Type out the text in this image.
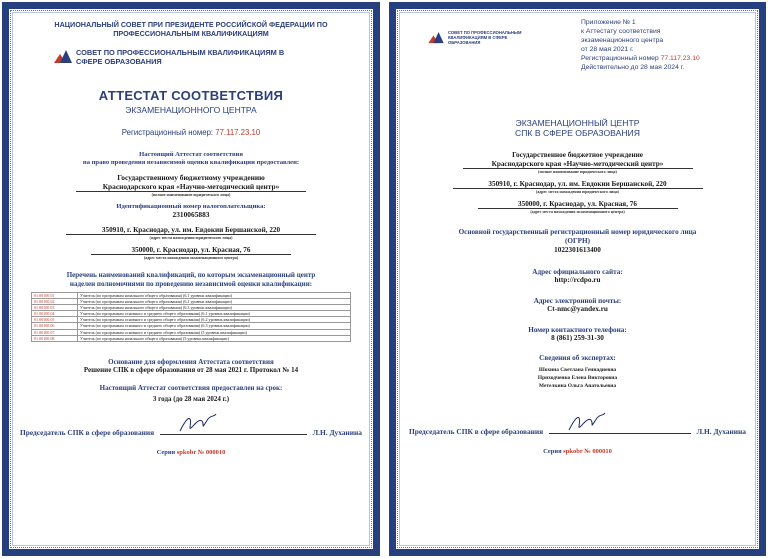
НАЦИОНАЛЬНЫЙ СОВЕТ ПРИ ПРЕЗИДЕНТЕ РОССИЙСКОЙ ФЕДЕРАЦИИ ПО ПРОФЕССИОНАЛЬНЫМ КВАЛИФИКАЦИЯМ
СОВЕТ ПО ПРОФЕССИОНАЛЬНЫМ КВАЛИФИКАЦИЯМ В СФЕРЕ ОБРАЗОВАНИЯ
АТТЕСТАТ СООТВЕТСТВИЯ
ЭКЗАМЕНАЦИОННОГО ЦЕНТРА
Регистрационный номер: 77.117.23.10
Настоящий Аттестат соответствия
на право проведения независимой оценки квалификации предоставлен:
Государственному бюджетному учреждению
Краснодарского края «Научно-методический центр»
(полное наименование юридического лица)
Идентификационный номер налогоплательщика:
2310065883
350910, г. Краснодар, ул. им. Евдокии Бершанской, 220
(адрес места нахождения юридического лица)
350000, г. Краснодар, ул. Красная, 76
(адрес места нахождения экзаменационного центра)
Перечень наименований квалификаций, по которым экзаменационный центр
наделен полномочиями по проведению независимой оценки квалификации:
01.00100.01	Учитель (по программам начального общего образования) (6.1 уровень квалификации)
01.00100.02	Учитель (по программам начального общего образования) (6.2 уровень квалификации)
01.00100.03	Учитель (по программам начального общего образования) (6.3 уровень квалификации)
01.00100.04	Учитель (по программам основного и среднего общего образования) (6.1 уровень квалификации)
01.00100.05	Учитель (по программам основного и среднего общего образования) (6.2 уровень квалификации)
01.00100.06	Учитель (по программам основного и среднего общего образования) (6.3 уровень квалификации)
01.00100.07	Учитель (по программам основного и среднего общего образования) (5 уровень квалификации)
01.00100.08	Учитель (по программам начального общего образования) (5 уровень квалификации)
Основание для оформления Аттестата соответствия
Решение СПК в сфере образования от 28 мая 2021 г. Протокол № 14
Настоящий Аттестат соответствия предоставлен на срок:
3 года (до 28 мая 2024 г.)
Председатель СПК в сфере образования	Л.Н. Духанина
Серия spkobr № 000010
СОВЕТ ПО ПРОФЕССИОНАЛЬНЫМ КВАЛИФИКАЦИЯМ В СФЕРЕ ОБРАЗОВАНИЯ
Приложение № 1
к Аттестату соответствия
экзаменационного центра
от 28 мая 2021 г.
Регистрационный номер 77.117.23.10
Действительно до 28 мая 2024 г.
ЭКЗАМЕНАЦИОННЫЙ ЦЕНТР
СПК В СФЕРЕ ОБРАЗОВАНИЯ
Государственное бюджетное учреждение
Краснодарского края «Научно-методический центр»
(полное наименование юридического лица)
350910, г. Краснодар, ул. им. Евдокии Бершанской, 220
(адрес места нахождения юридического лица)
350000, г. Краснодар, ул. Красная, 76
(адрес места нахождения экзаменационного центра)
Основной государственный регистрационный номер юридического лица
(ОГРН)
1022301613400
Адрес официального сайта:
http://rcdpo.ru
Адрес электронной почты:
Ct-nmc@yandex.ru
Номер контактного телефона:
8 (861) 259-31-30
Сведения об экспертах:
Шохина Светлана Геннадиевна
Приходченко Елена Викторовна
Метелкина Ольга Анатольевна
Председатель СПК в сфере образования	Л.Н. Духанина
Серия spkobr № 000010
